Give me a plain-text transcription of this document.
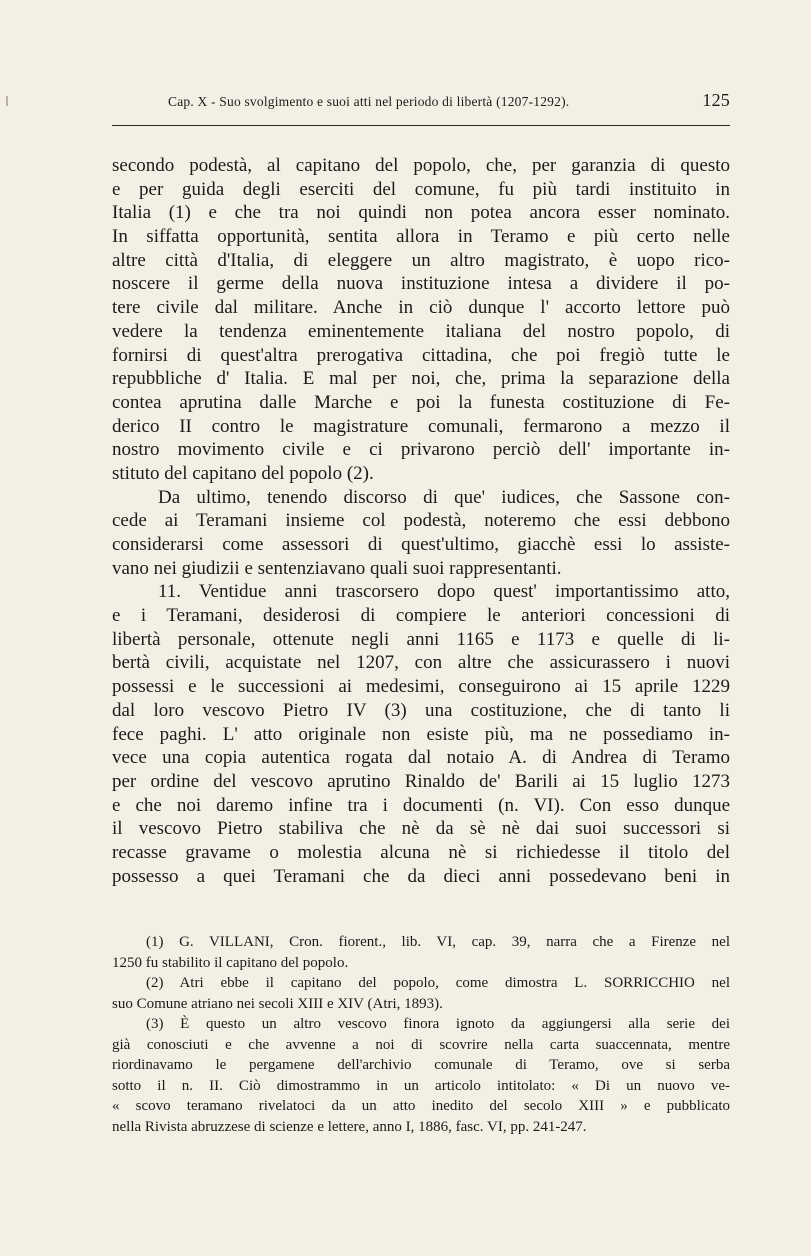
Cap. X - Suo svolgimento e suoi atti nel periodo di libertà (1207-1292).	125
secondo podestà, al capitano del popolo, che, per garanzia di questo
e per guida degli eserciti del comune, fu più tardi instituito in
Italia (1) e che tra noi quindi non potea ancora esser nominato.
In siffatta opportunità, sentita allora in Teramo e più certo nelle
altre città d'Italia, di eleggere un altro magistrato, è uopo rico-
noscere il germe della nuova instituzione intesa a dividere il po-
tere civile dal militare. Anche in ciò dunque l' accorto lettore può
vedere la tendenza eminentemente italiana del nostro popolo, di
fornirsi di quest'altra prerogativa cittadina, che poi fregiò tutte le
repubbliche d' Italia. E mal per noi, che, prima la separazione della
contea aprutina dalle Marche e poi la funesta costituzione di Fe-
derico II contro le magistrature comunali, fermarono a mezzo il
nostro movimento civile e ci privarono perciò dell' importante in-
stituto del capitano del popolo (2).
Da ultimo, tenendo discorso di que' iudices, che Sassone con-
cede ai Teramani insieme col podestà, noteremo che essi debbono
considerarsi come assessori di quest'ultimo, giacchè essi lo assiste-
vano nei giudizii e sentenziavano quali suoi rappresentanti.
11. Ventidue anni trascorsero dopo quest' importantissimo atto,
e i Teramani, desiderosi di compiere le anteriori concessioni di
libertà personale, ottenute negli anni 1165 e 1173 e quelle di li-
bertà civili, acquistate nel 1207, con altre che assicurassero i nuovi
possessi e le successioni ai medesimi, conseguirono ai 15 aprile 1229
dal loro vescovo Pietro IV (3) una costituzione, che di tanto li
fece paghi. L' atto originale non esiste più, ma ne possediamo in-
vece una copia autentica rogata dal notaio A. di Andrea di Teramo
per ordine del vescovo aprutino Rinaldo de' Barili ai 15 luglio 1273
e che noi daremo infine tra i documenti (n. VI). Con esso dunque
il vescovo Pietro stabiliva che nè da sè nè dai suoi successori si
recasse gravame o molestia alcuna nè si richiedesse il titolo del
possesso a quei Teramani che da dieci anni possedevano beni in
(1) G. VILLANI, Cron. fiorent., lib. VI, cap. 39, narra che a Firenze nel
1250 fu stabilito il capitano del popolo.
(2) Atri ebbe il capitano del popolo, come dimostra L. SORRICCHIO nel
suo Comune atriano nei secoli XIII e XIV (Atri, 1893).
(3) È questo un altro vescovo finora ignoto da aggiungersi alla serie dei
già conosciuti e che avvenne a noi di scovrire nella carta suaccennata, mentre
riordinavamo le pergamene dell'archivio comunale di Teramo, ove si serba
sotto il n. II. Ciò dimostrammo in un articolo intitolato: « Di un nuovo ve-
« scovo teramano rivelatoci da un atto inedito del secolo XIII » e pubblicato
nella Rivista abruzzese di scienze e lettere, anno I, 1886, fasc. VI, pp. 241-247.
